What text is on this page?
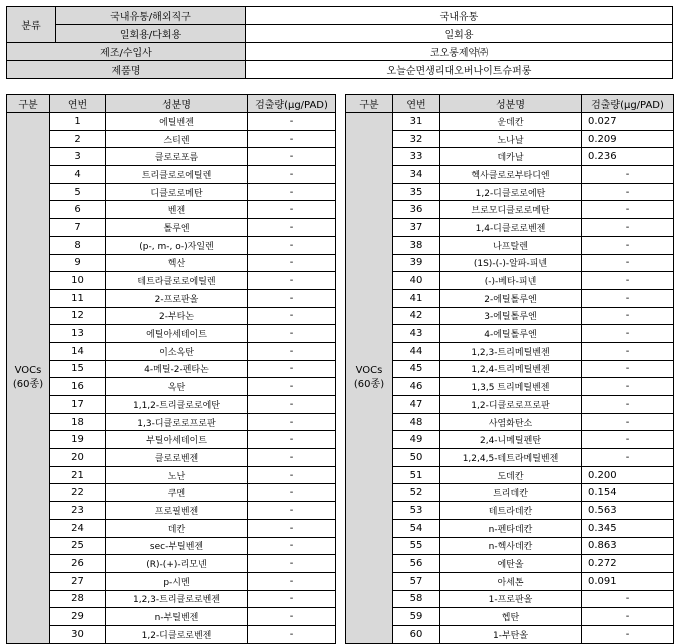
분류	국내유통/해외직구	국내유통
	일회용/다회용	일회용
제조/수입사		코오롱제약㈜
제품명		오늘순면생리대오버나이트슈퍼롱
구분	연번	성분명	검출량(μg/PAD)

VOCs
(60종)	1	에틸벤젠	-
	2	스티렌	-
	3	클로로포름	-
	4	트리클로로에틸렌	-
	5	디클로로메탄	-
	6	벤젠	-
	7	톨루엔	-
	8	(p-, m-, o-)자일렌	-
	9	헥산	-
	10	테트라클로로에틸렌	-
	11	2-프로판올	-
	12	2-부타논	-
	13	에틸아세테이트	-
	14	이소옥탄	-
	15	4-메틸-2-펜타논	-
	16	옥탄	-
	17	1,1,2-트리클로로에탄	-
	18	1,3-디클로로프로판	-
	19	부틸아세테이트	-
	20	클로로벤젠	-
	21	노난	-
	22	쿠멘	-
	23	프로필벤젠	-
	24	데칸	-
	25	sec-부틸벤젠	-
	26	(R)-(+)-리모넨	-
	27	p-시멘	-
	28	1,2,3-트리클로로벤젠	-
	29	n-부틸벤젠	-
	30	1,2-디클로로벤젠	-
구분	연번	성분명	검출량(μg/PAD)

VOCs
(60종)	31	운데칸	0.027
	32	노나날	0.209
	33	데카날	0.236
	34	헥사클로로부타디엔	-
	35	1,2-디클로로에탄	-
	36	브로모디클로로메탄	-
	37	1,4-디클로로벤젠	-
	38	나프탈렌	-
	39	(1S)-(-)-알파-피넨	-
	40	(-)-베타-피넨	-
	41	2-에틸톨루엔	-
	42	3-에틸톨루엔	-
	43	4-에틸톨루엔	-
	44	1,2,3-트리메틸벤젠	-
	45	1,2,4-트리메틸벤젠	-
	46	1,3,5 트리메틸벤젠	-
	47	1,2-디클로로프로판	-
	48	사염화탄소	-
	49	2,4-니메틸펜탄	-
	50	1,2,4,5-테트라메틸벤젠	-
	51	도데칸	0.200
	52	트리데칸	0.154
	53	테트라데칸	0.563
	54	n-펜타데칸	0.345
	55	n-헥사데칸	0.863
	56	에탄올	0.272
	57	아세톤	0.091
	58	1-프로판올	-
	59	헵탄	-
	60	1-부탄올	-
